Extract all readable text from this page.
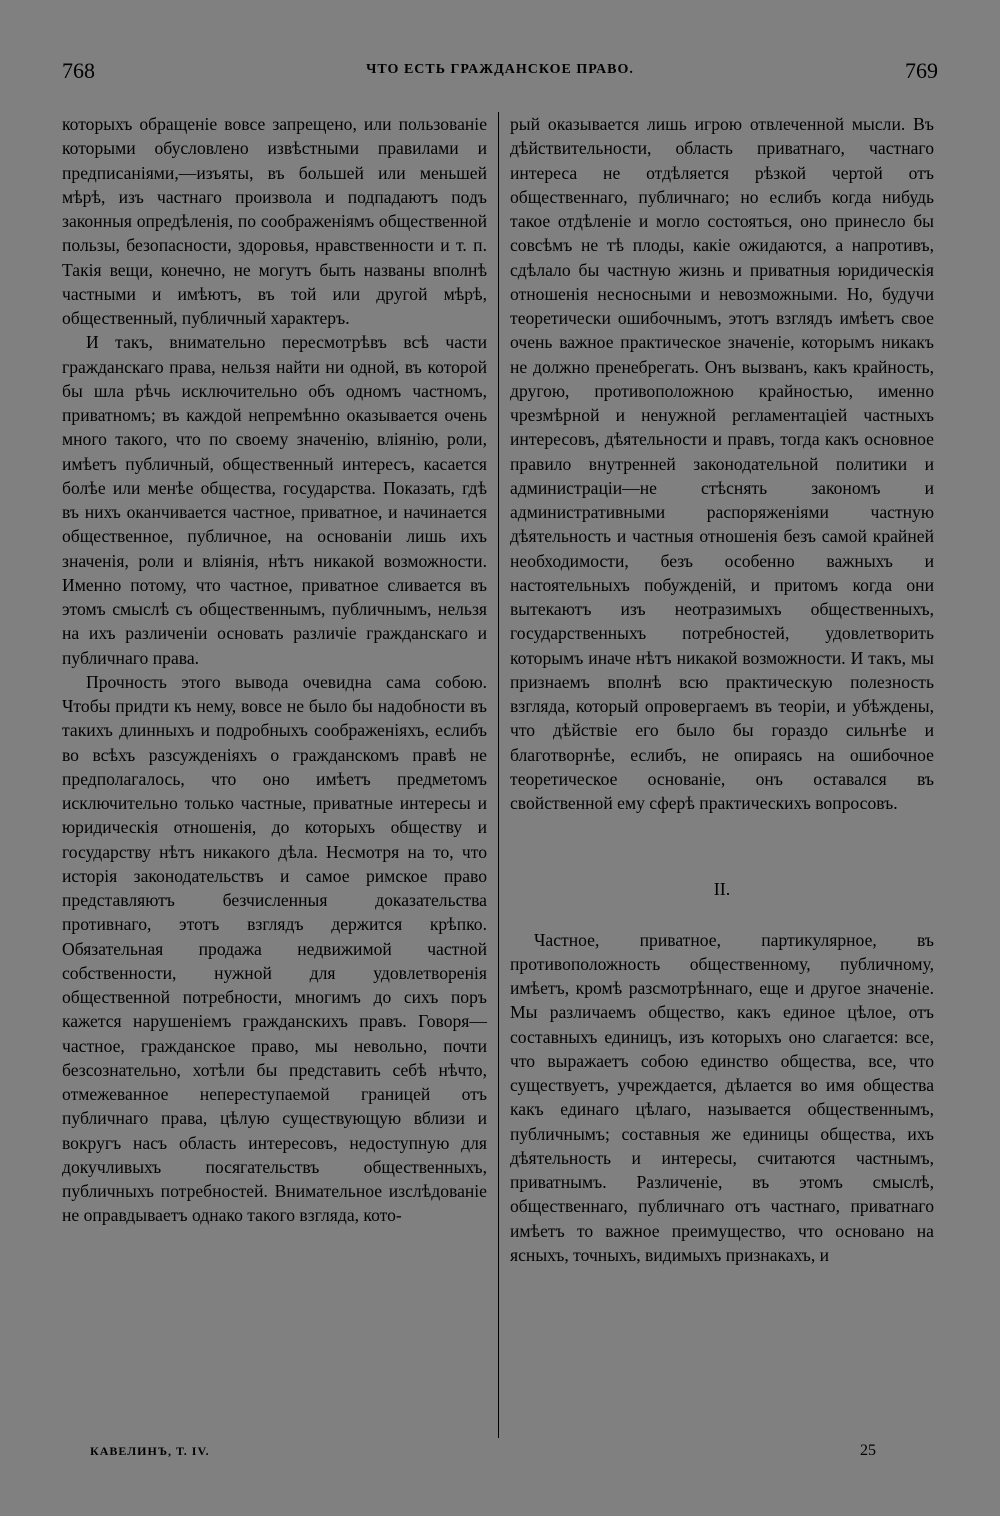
768	ЧТО ЕСТЬ ГРАЖДАНСКОЕ ПРАВО.	769

которыхъ обращеніе вовсе запрещено, или пользованіе которыми обусловлено извѣстными правилами и предписаніями,—изъяты, въ большей или меньшей мѣрѣ, изъ частнаго произвола и подпадаютъ подъ законныя опредѣленія, по соображеніямъ общественной пользы, безопасности, здоровья, нравственности и т. п. Такія вещи, конечно, не могутъ быть названы вполнѣ частными и имѣютъ, въ той или другой мѣрѣ, общественный, публичный характеръ.

И такъ, внимательно пересмотрѣвъ всѣ части гражданскаго права, нельзя найти ни одной, въ которой бы шла рѣчь исключительно объ одномъ частномъ, приватномъ; въ каждой непремѣнно оказывается очень много такого, что по своему значенію, вліянію, роли, имѣетъ публичный, общественный интересъ, касается болѣе или менѣе общества, государства. Показать, гдѣ въ нихъ оканчивается частное, приватное, и начинается общественное, публичное, на основаніи лишь ихъ значенія, роли и вліянія, нѣтъ никакой возможности. Именно потому, что частное, приватное сливается въ этомъ смыслѣ съ общественнымъ, публичнымъ, нельзя на ихъ различеніи основать различіе гражданскаго и публичнаго права.

Прочность этого вывода очевидна сама собою. Чтобы придти къ нему, вовсе не было бы надобности въ такихъ длинныхъ и подробныхъ соображеніяхъ, еслибъ во всѣхъ разсужденіяхъ о гражданскомъ правѣ не предполагалось, что оно имѣетъ предметомъ исключительно только частные, приватные интересы и юридическія отношенія, до которыхъ обществу и государству нѣтъ никакого дѣла. Несмотря на то, что исторія законодательствъ и самое римское право представляютъ безчисленныя доказательства противнаго, этотъ взглядъ держится крѣпко. Обязательная продажа недвижимой частной собственности, нужной для удовлетворенія общественной потребности, многимъ до сихъ поръ кажется нарушеніемъ гражданскихъ правъ. Говоря—частное, гражданское право, мы невольно, почти безсознательно, хотѣли бы представить себѣ нѣчто, отмежеванное непереступаемой границей отъ публичнаго права, цѣлую существующую вблизи и вокругъ насъ область интересовъ, недоступную для докучливыхъ посягательствъ общественныхъ, публичныхъ потребностей. Внимательное изслѣдованіе не оправдываетъ однако такого взгляда, кото-

рый оказывается лишь игрою отвлеченной мысли. Въ дѣйствительности, область приватнаго, частнаго интереса не отдѣляется рѣзкой чертой отъ общественнаго, публичнаго; но еслибъ когда нибудь такое отдѣленіе и могло состояться, оно принесло бы совсѣмъ не тѣ плоды, какіе ожидаются, а напротивъ, сдѣлало бы частную жизнь и приватныя юридическія отношенія несносными и невозможными. Но, будучи теоретически ошибочнымъ, этотъ взглядъ имѣетъ свое очень важное практическое значеніе, которымъ никакъ не должно пренебрегать. Онъ вызванъ, какъ крайность, другою, противоположною крайностью, именно чрезмѣрной и ненужной регламентаціей частныхъ интересовъ, дѣятельности и правъ, тогда какъ основное правило внутренней законодательной политики и администраціи—не стѣснять закономъ и административными распоряженіями частную дѣятельность и частныя отношенія безъ самой крайней необходимости, безъ особенно важныхъ и настоятельныхъ побужденій, и притомъ когда они вытекаютъ изъ неотразимыхъ общественныхъ, государственныхъ потребностей, удовлетворить которымъ иначе нѣтъ никакой возможности. И такъ, мы признаемъ вполнѣ всю практическую полезность взгляда, который опровергаемъ въ теоріи, и убѣждены, что дѣйствіе его было бы гораздо сильнѣе и благотворнѣе, еслибъ, не опираясь на ошибочное теоретическое основаніе, онъ оставался въ свойственной ему сферѣ практическихъ вопросовъ.

II.

Частное, приватное, партикулярное, въ противоположность общественному, публичному, имѣетъ, кромѣ разсмотрѣннаго, еще и другое значеніе. Мы различаемъ общество, какъ единое цѣлое, отъ составныхъ единицъ, изъ которыхъ оно слагается: все, что выражаетъ собою единство общества, все, что существуетъ, учреждается, дѣлается во имя общества какъ единаго цѣлаго, называется общественнымъ, публичнымъ; составныя же единицы общества, ихъ дѣятельность и интересы, считаются частнымъ, приватнымъ. Различеніе, въ этомъ смыслѣ, общественнаго, публичнаго отъ частнаго, приватнаго имѣетъ то важное преимущество, что основано на ясныхъ, точныхъ, видимыхъ признакахъ, и

КАВЕЛИНЪ, Т. IV.	25
